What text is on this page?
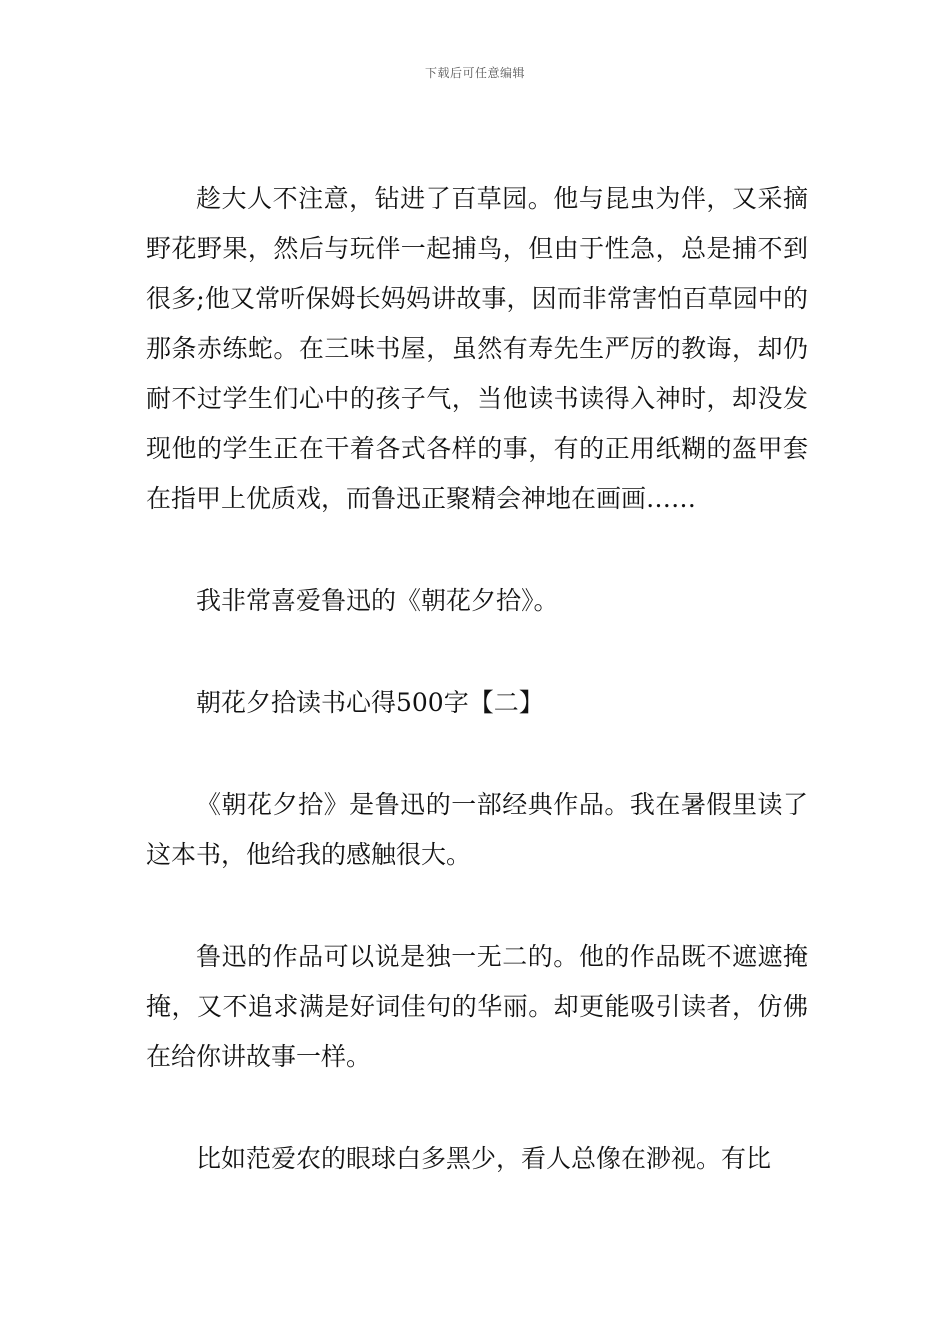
下载后可任意编辑

趁大人不注意，钻进了百草园。他与昆虫为伴，又采摘野花野果，然后与玩伴一起捕鸟，但由于性急，总是捕不到很多;他又常听保姆长妈妈讲故事，因而非常害怕百草园中的那条赤练蛇。在三味书屋，虽然有寿先生严厉的教诲，却仍耐不过学生们心中的孩子气，当他读书读得入神时，却没发现他的学生正在干着各式各样的事，有的正用纸糊的盔甲套在指甲上优质戏，而鲁迅正聚精会神地在画画……

我非常喜爱鲁迅的《朝花夕拾》。

朝花夕拾读书心得500字【二】

《朝花夕拾》是鲁迅的一部经典作品。我在暑假里读了这本书，他给我的感触很大。

鲁迅的作品可以说是独一无二的。他的作品既不遮遮掩掩，又不追求满是好词佳句的华丽。却更能吸引读者，仿佛在给你讲故事一样。

比如范爱农的眼球白多黑少，看人总像在渺视。有比
